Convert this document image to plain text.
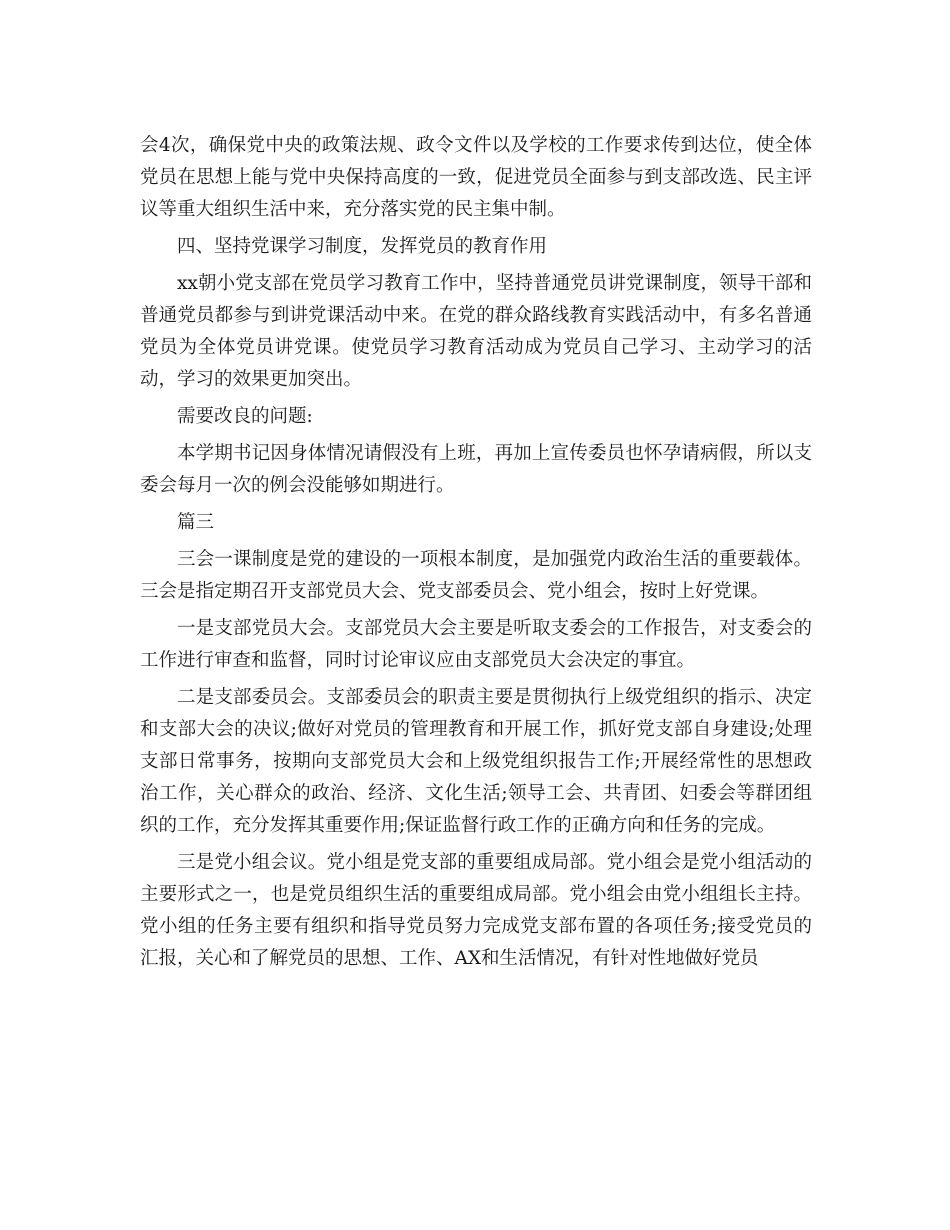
会4次，确保党中央的政策法规、政令文件以及学校的工作要求传到达位，使全体党员在思想上能与党中央保持高度的一致，促进党员全面参与到支部改选、民主评议等重大组织生活中来，充分落实党的民主集中制。

四、坚持党课学习制度，发挥党员的教育作用

xx朝小党支部在党员学习教育工作中，坚持普通党员讲党课制度，领导干部和普通党员都参与到讲党课活动中来。在党的群众路线教育实践活动中，有多名普通党员为全体党员讲党课。使党员学习教育活动成为党员自己学习、主动学习的活动，学习的效果更加突出。

需要改良的问题:

本学期书记因身体情况请假没有上班，再加上宣传委员也怀孕请病假，所以支委会每月一次的例会没能够如期进行。

篇三

三会一课制度是党的建设的一项根本制度，是加强党内政治生活的重要载体。三会是指定期召开支部党员大会、党支部委员会、党小组会，按时上好党课。

一是支部党员大会。支部党员大会主要是听取支委会的工作报告，对支委会的工作进行审查和监督，同时讨论审议应由支部党员大会决定的事宜。

二是支部委员会。支部委员会的职责主要是贯彻执行上级党组织的指示、决定和支部大会的决议;做好对党员的管理教育和开展工作，抓好党支部自身建设;处理支部日常事务，按期向支部党员大会和上级党组织报告工作;开展经常性的思想政治工作，关心群众的政治、经济、文化生活;领导工会、共青团、妇委会等群团组织的工作，充分发挥其重要作用;保证监督行政工作的正确方向和任务的完成。

三是党小组会议。党小组是党支部的重要组成局部。党小组会是党小组活动的主要形式之一，也是党员组织生活的重要组成局部。党小组会由党小组组长主持。党小组的任务主要有组织和指导党员努力完成党支部布置的各项任务;接受党员的汇报，关心和了解党员的思想、工作、AX和生活情况，有针对性地做好党员
